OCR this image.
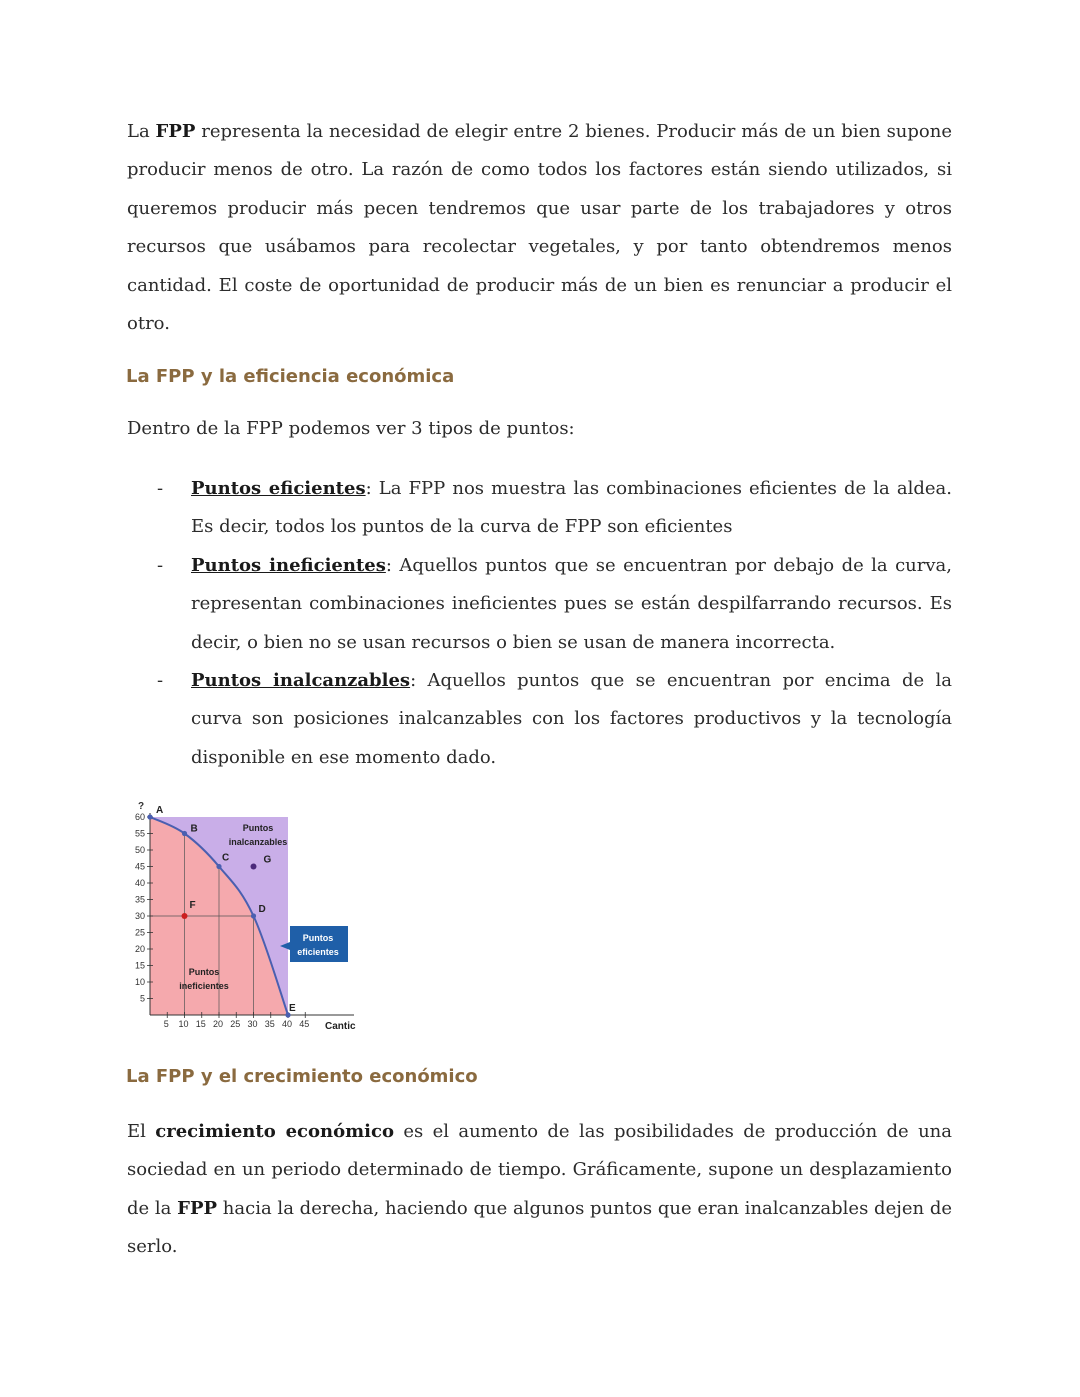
La FPP representa la necesidad de elegir entre 2 bienes. Producir más de un bien supone producir menos de otro. La razón de como todos los factores están siendo utilizados, si queremos producir más pecen tendremos que usar parte de los trabajadores y otros recursos que usábamos para recolectar vegetales, y por tanto obtendremos menos cantidad. El coste de oportunidad de producir más de un bien es renunciar a producir el otro.

La FPP y la eficiencia económica

Dentro de la FPP podemos ver 3 tipos de puntos:

- Puntos eficientes: La FPP nos muestra las combinaciones eficientes de la aldea. Es decir, todos los puntos de la curva de FPP son eficientes
- Puntos ineficientes: Aquellos puntos que se encuentran por debajo de la curva, representan combinaciones ineficientes pues se están despilfarrando recursos. Es decir, o bien no se usan recursos o bien se usan de manera incorrecta.
- Puntos inalcanzables: Aquellos puntos que se encuentran por encima de la curva son posiciones inalcanzables con los factores productivos y la tecnología disponible en ese momento dado.
60
55
50
45
40
35
30
25
20
15
10
5
?
5 10 15 20 25 30 35 40 45 Cantic
A
B
C
D
E
F
G
Puntos
inalcanzables
Puntos
ineficientes
Puntos
eficientes
La FPP y el crecimiento económico

El crecimiento económico es el aumento de las posibilidades de producción de una sociedad en un periodo determinado de tiempo. Gráficamente, supone un desplazamiento de la FPP hacia la derecha, haciendo que algunos puntos que eran inalcanzables dejen de serlo.
